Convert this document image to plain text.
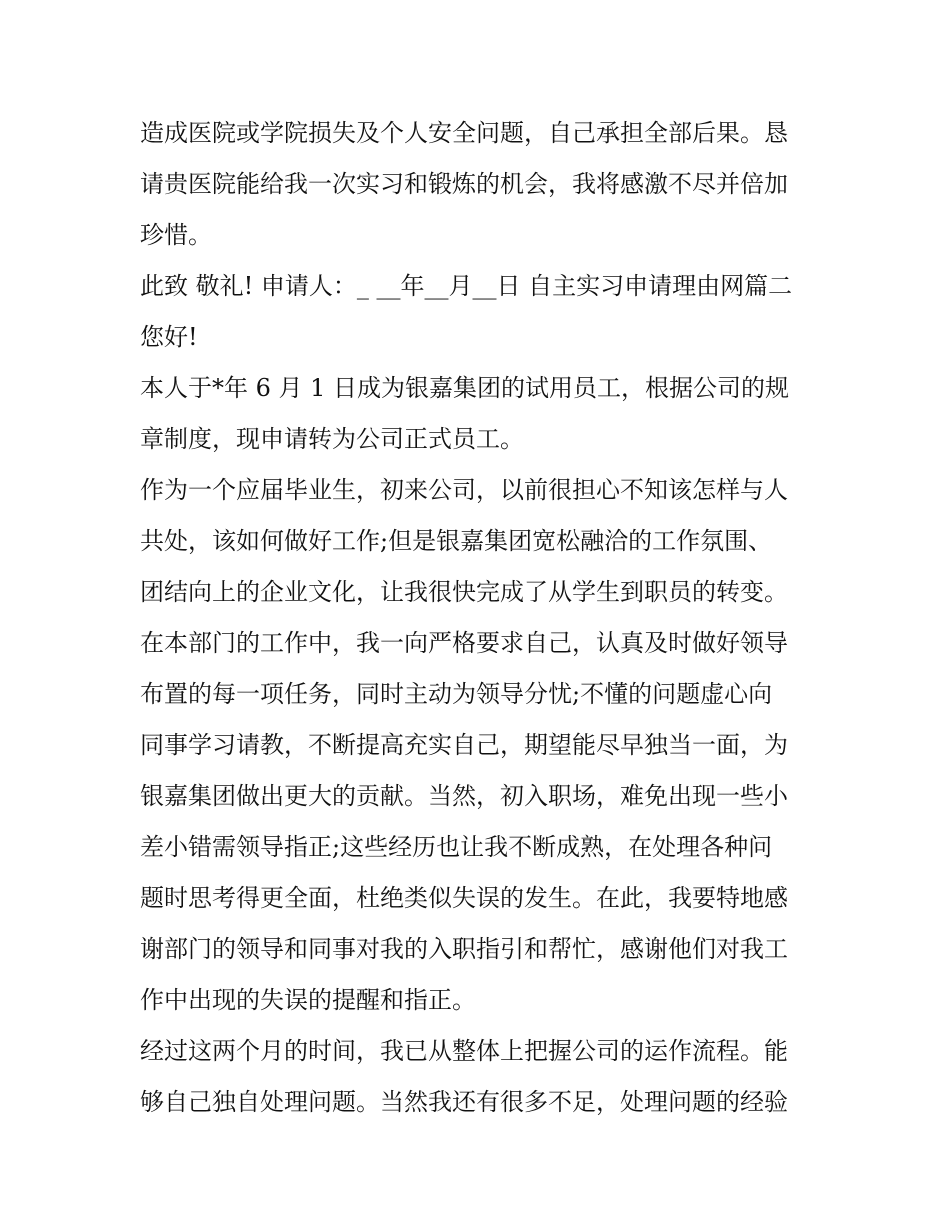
造成医院或学院损失及个人安全问题，自己承担全部后果。恳
请贵医院能给我一次实习和锻炼的机会，我将感激不尽并倍加
珍惜。
此致 敬礼! 申请人：_ __年__月__日 自主实习申请理由网篇二
您好!
本人于*年 6 月 1 日成为银嘉集团的试用员工，根据公司的规
章制度，现申请转为公司正式员工。
作为一个应届毕业生，初来公司，以前很担心不知该怎样与人
共处，该如何做好工作;但是银嘉集团宽松融洽的工作氛围、
团结向上的企业文化，让我很快完成了从学生到职员的转变。
在本部门的工作中，我一向严格要求自己，认真及时做好领导
布置的每一项任务，同时主动为领导分忧;不懂的问题虚心向
同事学习请教，不断提高充实自己，期望能尽早独当一面，为
银嘉集团做出更大的贡献。当然，初入职场，难免出现一些小
差小错需领导指正;这些经历也让我不断成熟，在处理各种问
题时思考得更全面，杜绝类似失误的发生。在此，我要特地感
谢部门的领导和同事对我的入职指引和帮忙，感谢他们对我工
作中出现的失误的提醒和指正。
经过这两个月的时间，我已从整体上把握公司的运作流程。能
够自己独自处理问题。当然我还有很多不足，处理问题的经验
